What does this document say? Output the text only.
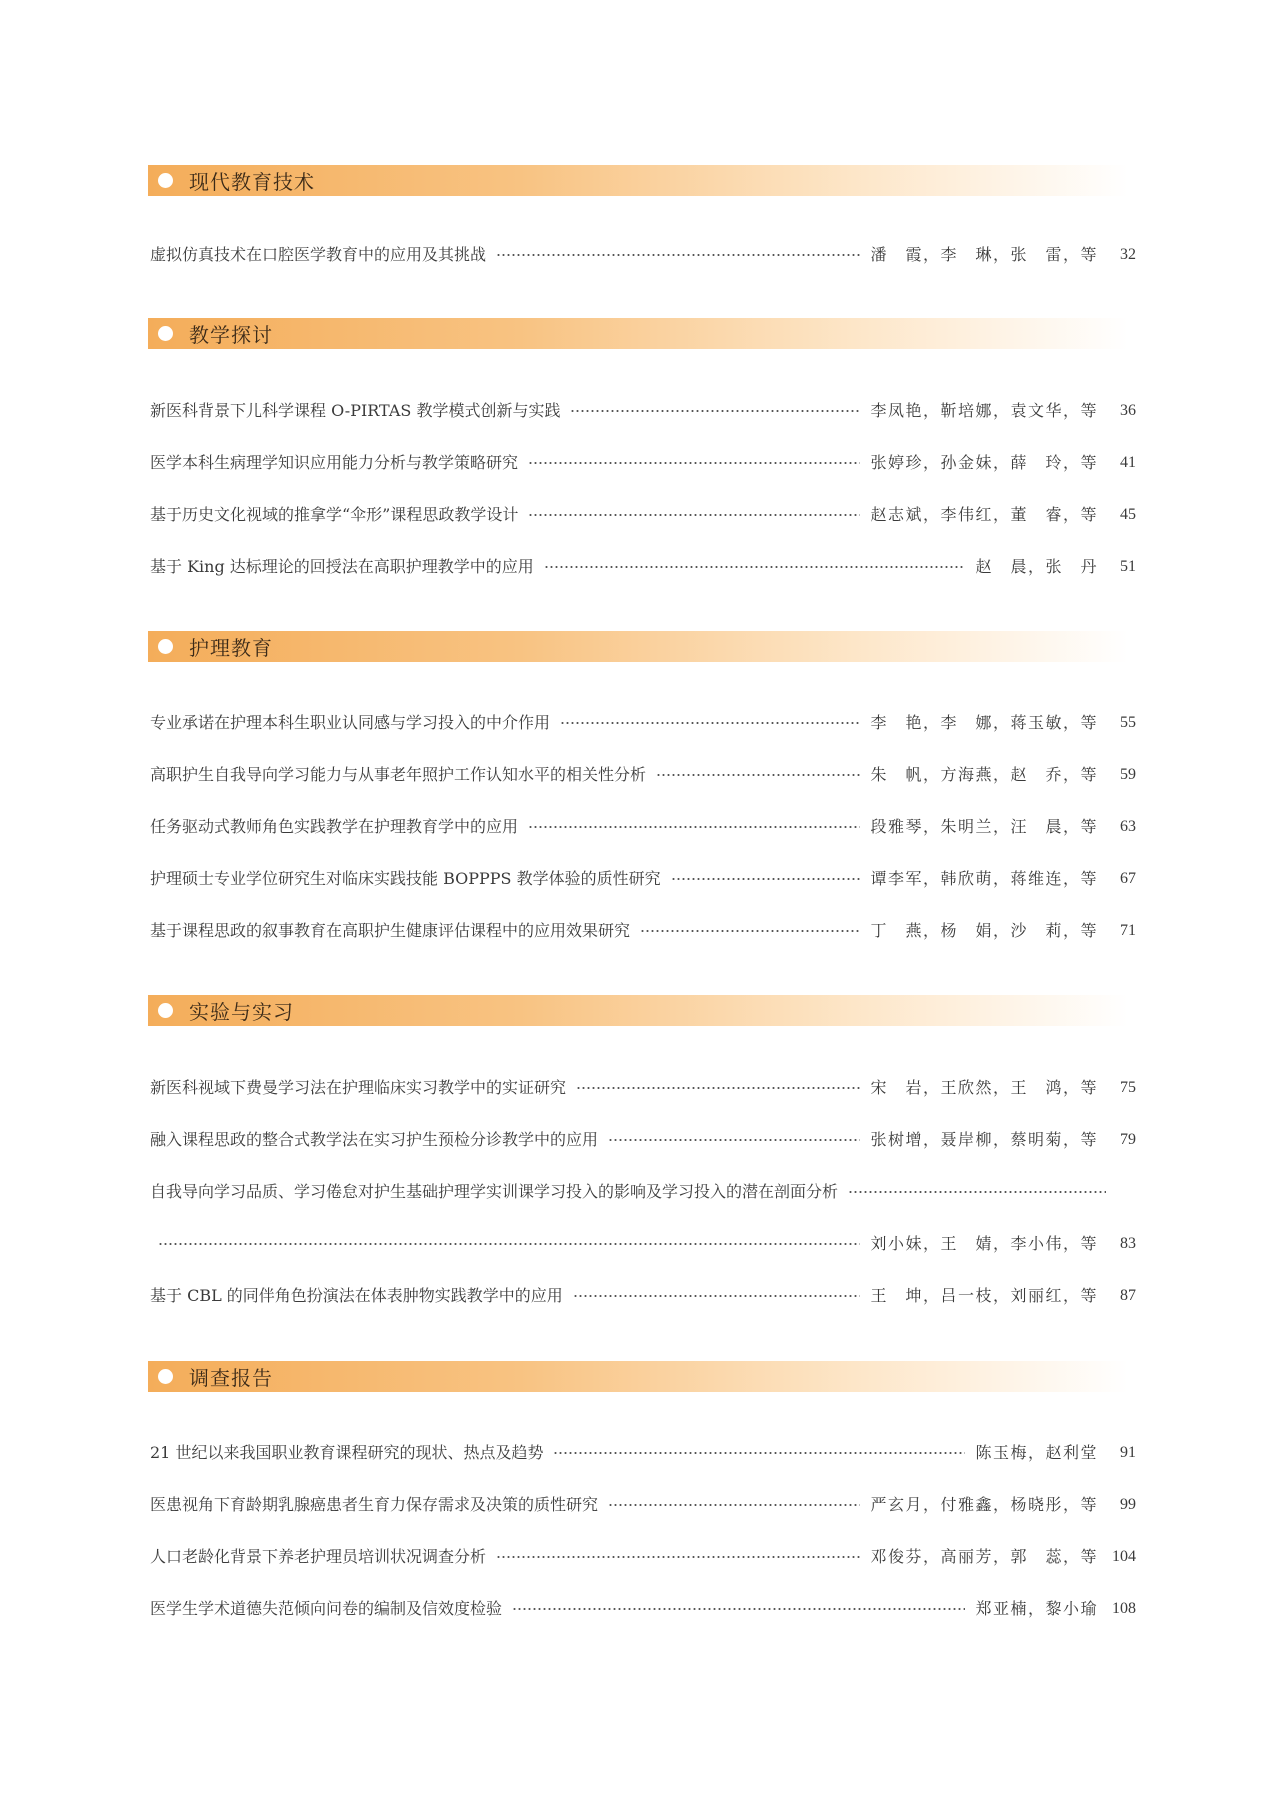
现代教育技术
虚拟仿真技术在口腔医学教育中的应用及其挑战	潘　霞，李　琳，张　雷，等	32
教学探讨
新医科背景下儿科学课程 O-PIRTAS 教学模式创新与实践	李凤艳，靳培娜，袁文华，等	36
医学本科生病理学知识应用能力分析与教学策略研究	张婷珍，孙金妹，薛　玲，等	41
基于历史文化视域的推拿学“伞形”课程思政教学设计	赵志斌，李伟红，董　睿，等	45
基于 King 达标理论的回授法在高职护理教学中的应用	赵　晨，张　丹	51
护理教育
专业承诺在护理本科生职业认同感与学习投入的中介作用	李　艳，李　娜，蒋玉敏，等	55
高职护生自我导向学习能力与从事老年照护工作认知水平的相关性分析	朱　帆，方海燕，赵　乔，等	59
任务驱动式教师角色实践教学在护理教育学中的应用	段雅琴，朱明兰，汪　晨，等	63
护理硕士专业学位研究生对临床实践技能 BOPPPS 教学体验的质性研究	谭李军，韩欣萌，蒋维连，等	67
基于课程思政的叙事教育在高职护生健康评估课程中的应用效果研究	丁　燕，杨　娟，沙　莉，等	71
实验与实习
新医科视域下费曼学习法在护理临床实习教学中的实证研究	宋　岩，王欣然，王　鸿，等	75
融入课程思政的整合式教学法在实习护生预检分诊教学中的应用	张树增，聂岸柳，蔡明菊，等	79
自我导向学习品质、学习倦怠对护生基础护理学实训课学习投入的影响及学习投入的潜在剖面分析
刘小妹，王　婧，李小伟，等	83
基于 CBL 的同伴角色扮演法在体表肿物实践教学中的应用	王　坤，吕一枝，刘丽红，等	87
调查报告
21 世纪以来我国职业教育课程研究的现状、热点及趋势	陈玉梅，赵利堂	91
医患视角下育龄期乳腺癌患者生育力保存需求及决策的质性研究	严玄月，付雅鑫，杨晓彤，等	99
人口老龄化背景下养老护理员培训状况调查分析	邓俊芬，高丽芳，郭　蕊，等 104
医学生学术道德失范倾向问卷的编制及信效度检验	郑亚楠，黎小瑜 108
